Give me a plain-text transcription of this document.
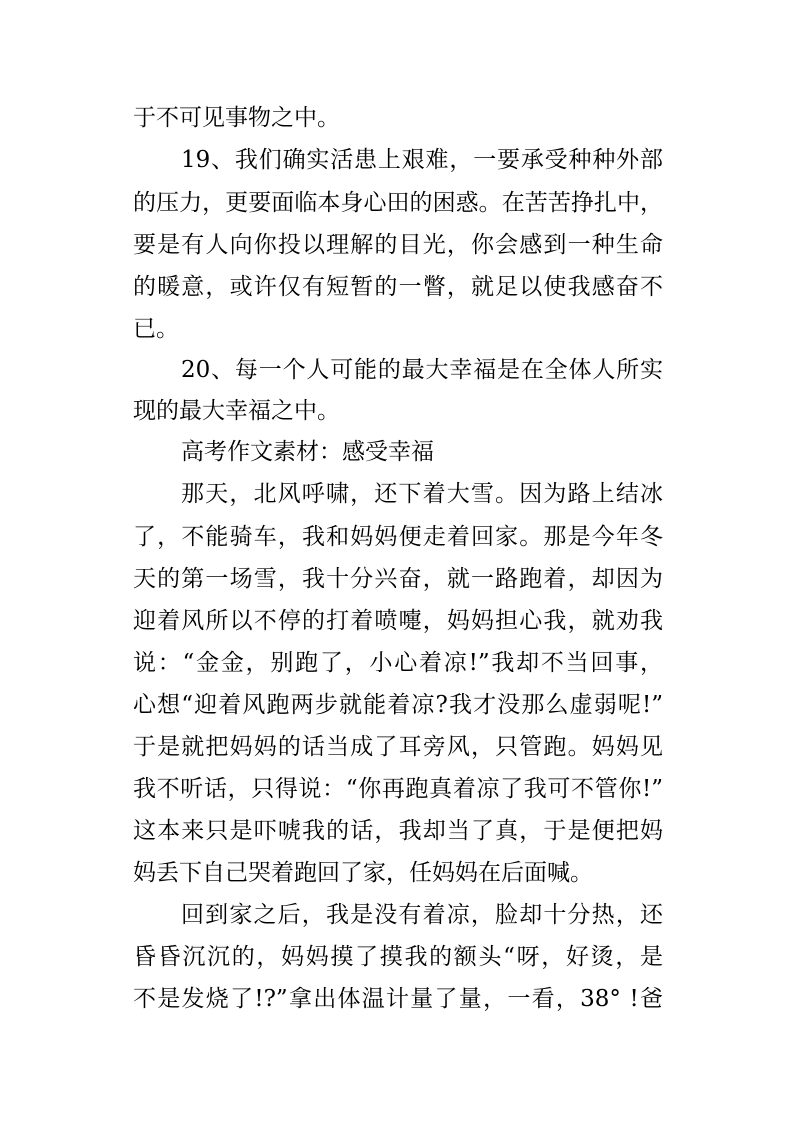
于不可见事物之中。
19、我们确实活患上艰难，一要承受种种外部
的压力，更要面临本身心田的困惑。在苦苦挣扎中，
要是有人向你投以理解的目光，你会感到一种生命
的暖意，或许仅有短暂的一瞥，就足以使我感奋不
已。
20、每一个人可能的最大幸福是在全体人所实
现的最大幸福之中。
高考作文素材：感受幸福
那天，北风呼啸，还下着大雪。因为路上结冰
了，不能骑车，我和妈妈便走着回家。那是今年冬
天的第一场雪，我十分兴奋，就一路跑着，却因为
迎着风所以不停的打着喷嚏，妈妈担心我，就劝我
说：“金金，别跑了，小心着凉!”我却不当回事，
心想“迎着风跑两步就能着凉?我才没那么虚弱呢!”
于是就把妈妈的话当成了耳旁风，只管跑。妈妈见
我不听话，只得说：“你再跑真着凉了我可不管你!”
这本来只是吓唬我的话，我却当了真，于是便把妈
妈丢下自己哭着跑回了家，任妈妈在后面喊。
回到家之后，我是没有着凉，脸却十分热，还
昏昏沉沉的，妈妈摸了摸我的额头“呀，好烫，是
不是发烧了!?”拿出体温计量了量，一看，38° !爸
